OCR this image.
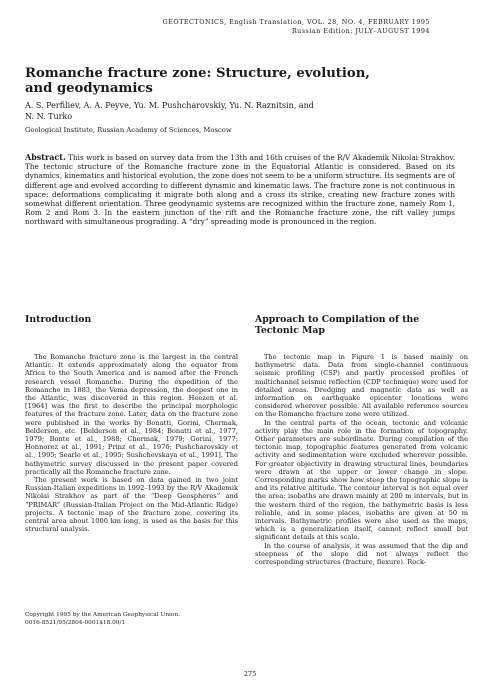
GEOTECTONICS, English Translation, VOL. 28, NO. 4, FEBRUARY 1995
Russian Edition: JULY–AUGUST 1994
Romanche fracture zone: Structure, evolution,
and geodynamics
A. S. Perfiliev, A. A. Peyve, Yu. M. Pushcharovskiy, Yu. N. Raznitsin, and
N. N. Turko
Geological Institute, Russian Academy of Sciences, Moscow
Abstract. This work is based on survey data from the 13th and 16th cruises of the R/V Akademik Nikolai Strakhov. The tectonic structure of the Romanche fracture zone in the Equatorial Atlantic is considered. Based on its dynamics, kinematics and historical evolution, the zone does not seem to be a uniform structure. Its segments are of different age and evolved according to different dynamic and kinematic laws. The fracture zone is not continuous in space: deformations complicating it migrate both along and a cross its strike, creating new fracture zones with somewhat different orientation. Three geodynamic systems are recognized within the fracture zone, namely Rom 1, Rom 2 and Rom 3. In the eastern junction of the rift and the Romanche fracture zone, the rift valley jumps northward with simultaneous prograding. A “dry” spreading mode is pronounced in the region.
Introduction	Approach to Compilation of the Tectonic Map

The Romanche fracture zone is the largest in the central Atlantic. It extends approximately along the equator from Africa to the South America and is named after the French research vessel Romanche. During the expedition of the Romanche in 1883, the Vema depression, the deepest one in the Atlantic, was discovered in this region. Heezen et al. [1964] was the first to describe the principal morphologic features of the fracture zone. Later, data on the fracture zone were published in the works by Bonatti, Gorini, Chermak, Belderson, etc. [Belderson et al., 1984; Bonatti et al., 1977, 1979; Bonte et al., 1988; Chermak, 1979; Gorini, 1977; Honnorez et al., 1991; Prinz et al., 1976; Pushcharovskiy et al., 1995; Searle et al., 1995; Sushchevskaya et al., 1991]. The bathymetric survey discussed in the present paper covered practically all the Romanche fracture zone.

The present work is based on data gained in two joint Russian-Italian expeditions in 1992–1993 by the R/V Akademik Nikolai Strakhov as part of the “Deep Geospheres” and “PRIMAR” (Russian-Italian Project on the Mid-Atlantic Ridge) projects. A tectonic map of the fracture zone, covering its central area about 1000 km long, is used as the basis for this structural analysis.

Copyright 1995 by the American Geophysical Union.
0016-8521/95/2804-0001$18.00/1

The tectonic map in Figure 1 is based mainly on bathymetric data. Data from single-channel continuous seismic profiling (CSP) and partly processed profiles of multichannel seismic reflection (CDP technique) were used for detailed areas. Dredging and magnetic data as well as information on earthquake epicenter locations were considered wherever possible. All available reference sources on the Romanche fracture zone were utilized.

In the central parts of the ocean, tectonic and volcanic activity play the main role in the formation of topography. Other parameters are subordinate. During compilation of the tectonic map, topographic features generated from volcanic activity and sedimentation were excluded wherever possible. For greater objectivity in drawing structural lines, boundaries were drawn at the upper or lower change in slope. Corresponding marks show how steep the topographic slope is and its relative altitude. The contour interval is not equal over the area: isobaths are drawn mainly at 200 m intervals, but in the western third of the region, the bathymetric basis is less reliable, and in some places, isobaths are given at 50 m intervals. Bathymetric profiles were also used as the maps, which is a generalization itself, cannot reflect small but significant details at this scale.

In the course of analysis, it was assumed that the dip and steepness of the slope did not always reflect the corresponding structures (fracture, flexure). Rock-

275
